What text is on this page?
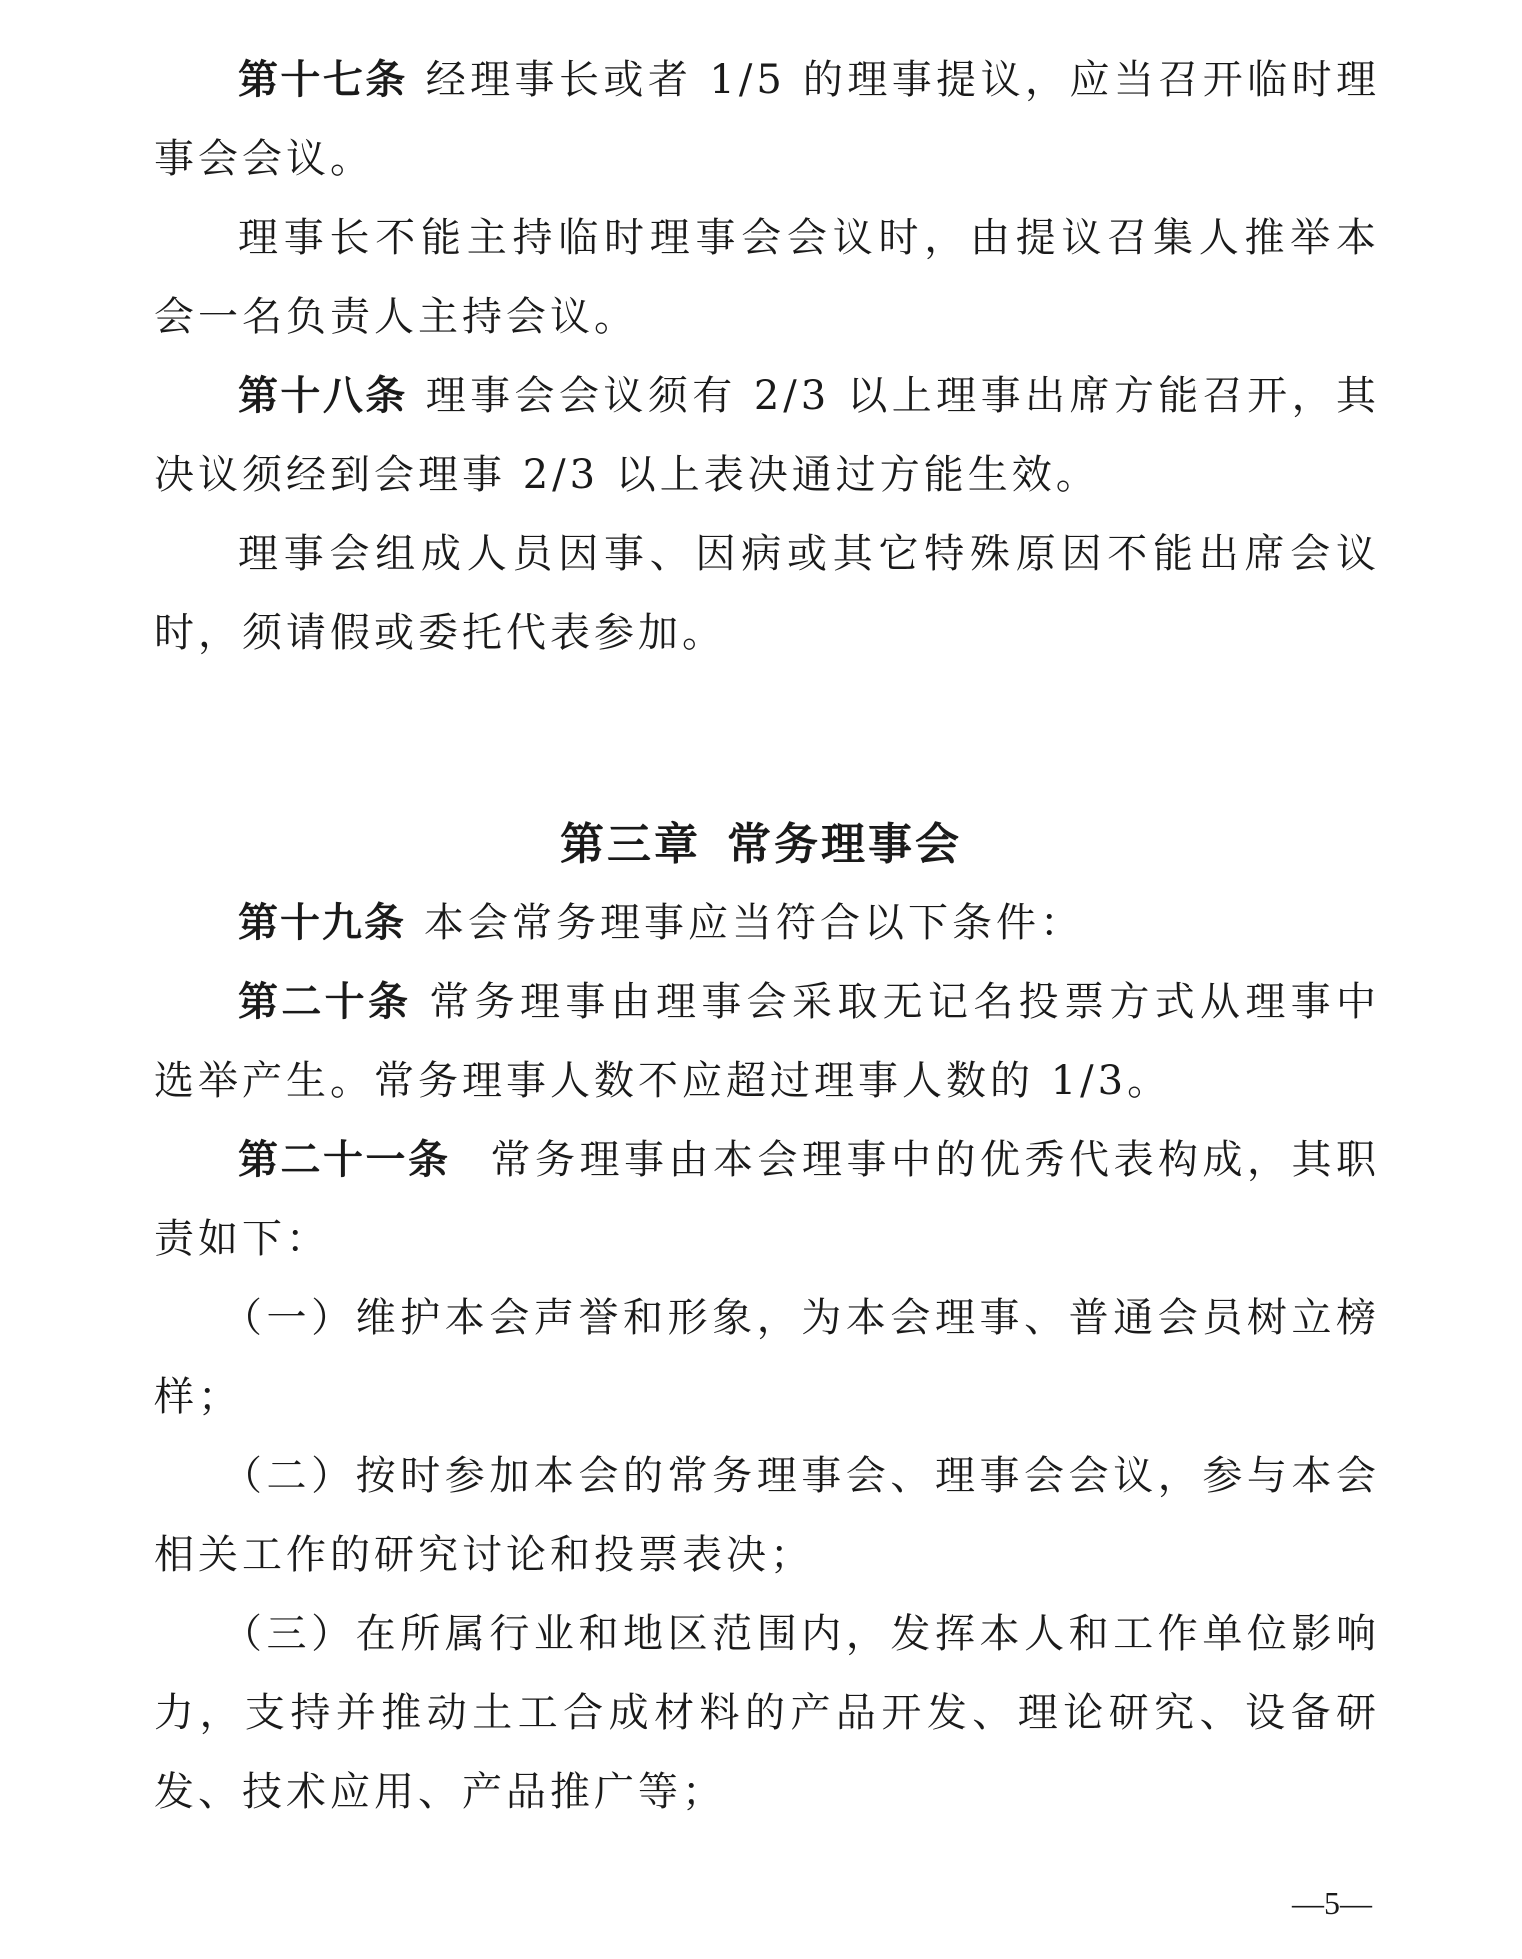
第十七条 经理事长或者 1/5 的理事提议，应当召开临时理事会会议。

理事长不能主持临时理事会会议时，由提议召集人推举本会一名负责人主持会议。

第十八条 理事会会议须有 2/3 以上理事出席方能召开，其决议须经到会理事 2/3 以上表决通过方能生效。

理事会组成人员因事、因病或其它特殊原因不能出席会议时，须请假或委托代表参加。

第三章 常务理事会

第十九条 本会常务理事应当符合以下条件：

第二十条 常务理事由理事会采取无记名投票方式从理事中选举产生。常务理事人数不应超过理事人数的 1/3。

第二十一条 常务理事由本会理事中的优秀代表构成，其职责如下：

（一）维护本会声誉和形象，为本会理事、普通会员树立榜样；

（二）按时参加本会的常务理事会、理事会会议，参与本会相关工作的研究讨论和投票表决；

（三）在所属行业和地区范围内，发挥本人和工作单位影响力，支持并推动土工合成材料的产品开发、理论研究、设备研发、技术应用、产品推广等；

—5—
